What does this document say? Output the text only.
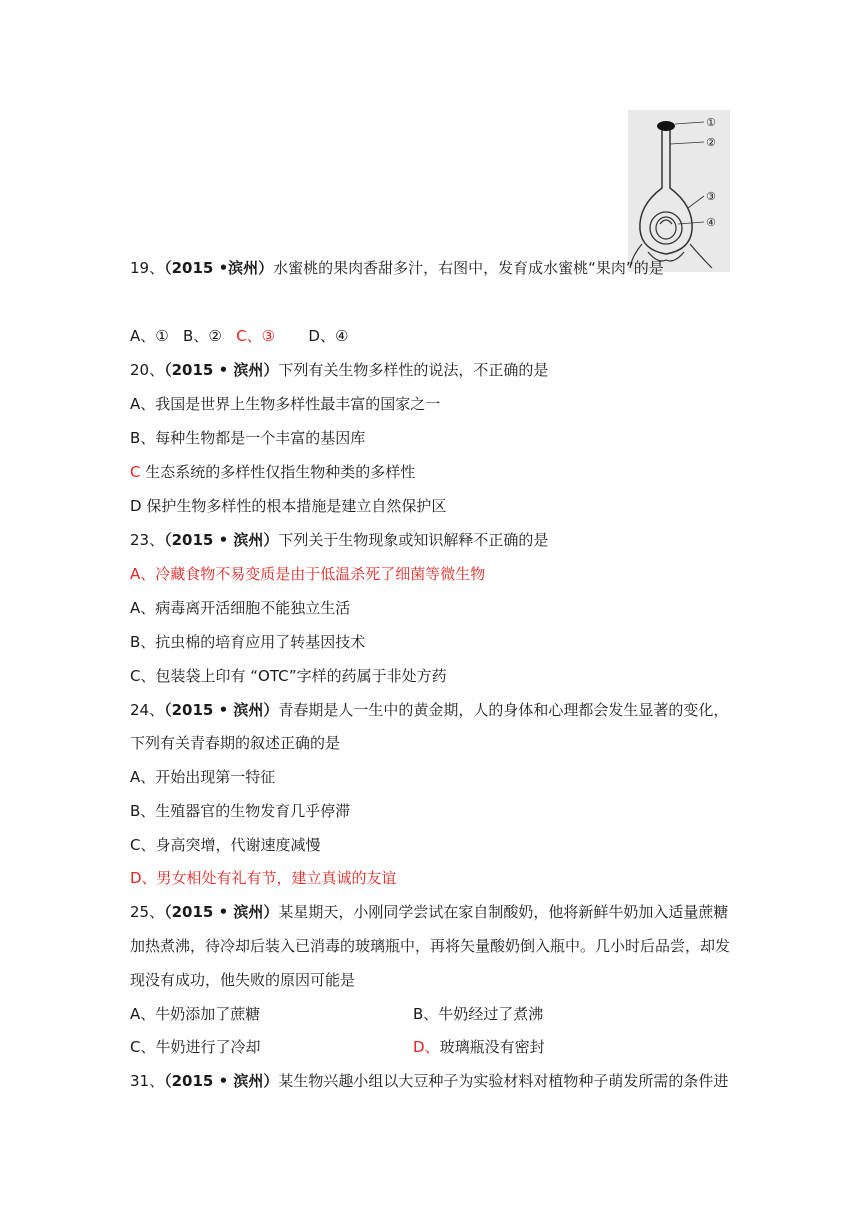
①
②
③
④
19、（2015 •滨州）水蜜桃的果肉香甜多汁，右图中，发育成水蜜桃“果肉”的是
A、① B、② C、③ D、④
20、（2015 • 滨州）下列有关生物多样性的说法，不正确的是
A、我国是世界上生物多样性最丰富的国家之一
B、每种生物都是一个丰富的基因库
C 生态系统的多样性仅指生物种类的多样性
D 保护生物多样性的根本措施是建立自然保护区
23、（2015 • 滨州）下列关于生物现象或知识解释不正确的是
A、冷藏食物不易变质是由于低温杀死了细菌等微生物
A、病毒离开活细胞不能独立生活
B、抗虫棉的培育应用了转基因技术
C、包装袋上印有 “OTC”字样的药属于非处方药
24、（2015 • 滨州）青春期是人一生中的黄金期，人的身体和心理都会发生显著的变化，
下列有关青春期的叙述正确的是
A、开始出现第一特征
B、生殖器官的生物发育几乎停滞
C、身高突增，代谢速度减慢
D、男女相处有礼有节，建立真诚的友谊
25、（2015 • 滨州）某星期天，小刚同学尝试在家自制酸奶，他将新鲜牛奶加入适量蔗糖
加热煮沸，待冷却后装入已消毒的玻璃瓶中，再将矢量酸奶倒入瓶中。几小时后品尝，却发
现没有成功，他失败的原因可能是
A、牛奶添加了蔗糖	B、牛奶经过了煮沸
C、牛奶进行了冷却	D、玻璃瓶没有密封
31、（2015 • 滨州）某生物兴趣小组以大豆种子为实验材料对植物种子萌发所需的条件进
